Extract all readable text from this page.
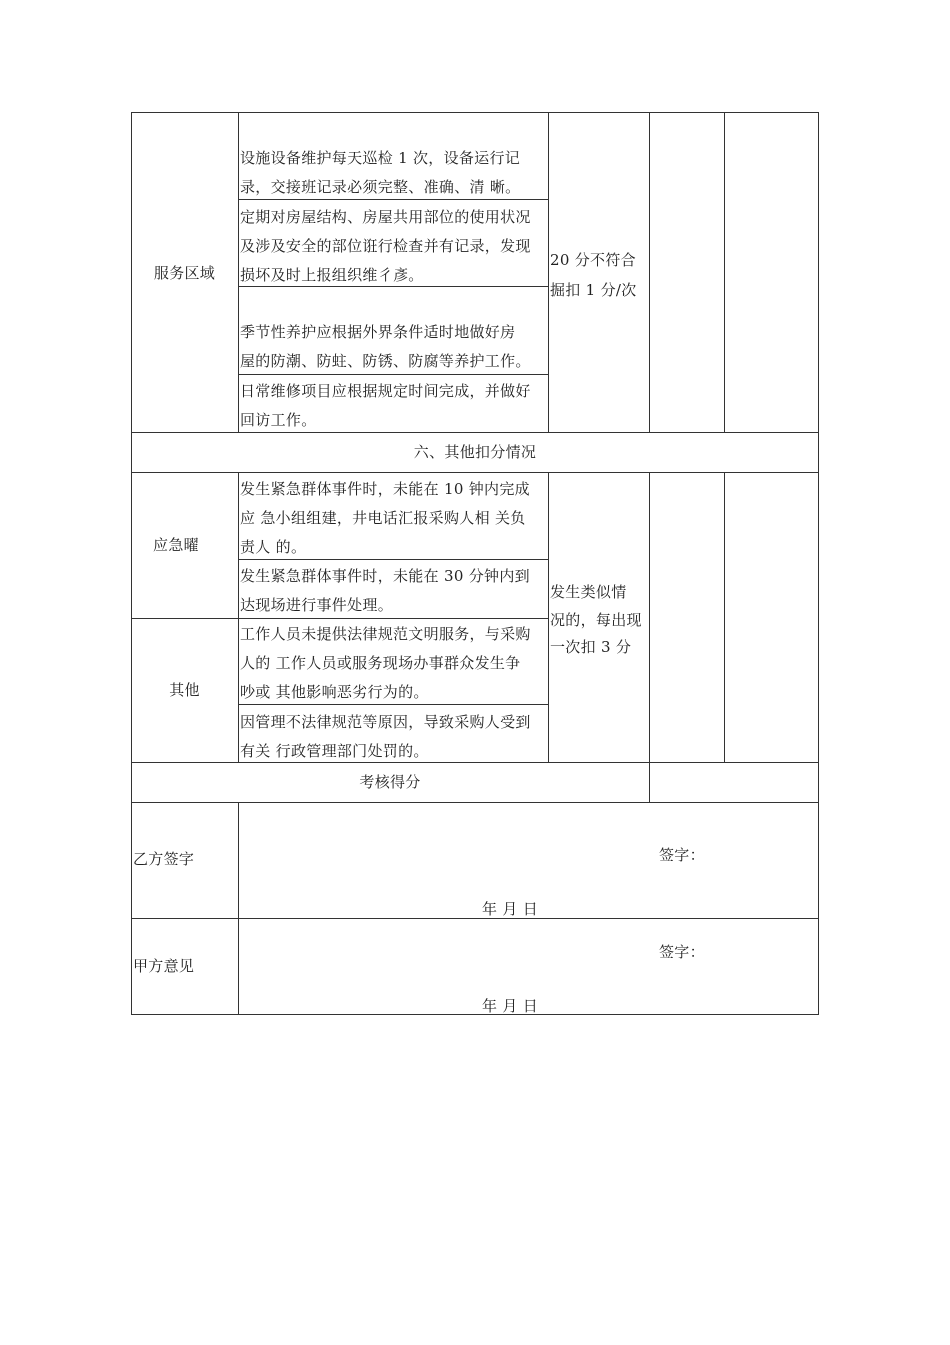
服务区域
设施设备维护每天巡检 1 次，设备运行记
录，交接班记录必须完整、准确、清 晰。
定期对房屋结构、房屋共用部位的使用状况
及涉及安全的部位诳行检查并有记录，发现
损坏及时上报组织维彳彥。
季节性养护应根据外界条件适时地做好房
屋的防潮、防蛀、防锈、防腐等养护工作。
日常维修项目应根据规定时间完成，并做好
回访工作。
20 分不符合
掘扣 1 分/次
六、其他扣分情况
应急曜
发生紧急群体事件时，未能在 10 钟内完成
应 急小组组建，井电话汇报采购人相 关负
责人 的。
发生紧急群体事件时，未能在 30 分钟内到
达现场进行事件处理。
其他
工作人员未提供法律规范文明服务，与采购
人的 工作人员或服务现场办事群众发生争
吵或 其他影响恶劣行为的。
因管理不法律规范等原因，导致采购人受到
有关 行政管理部门处罚的。
发生类似情
况的，每出现
一次扣 3 分
考核得分
乙方签字	签字：
年 月 日
甲方意见
签字：
年 月 日
